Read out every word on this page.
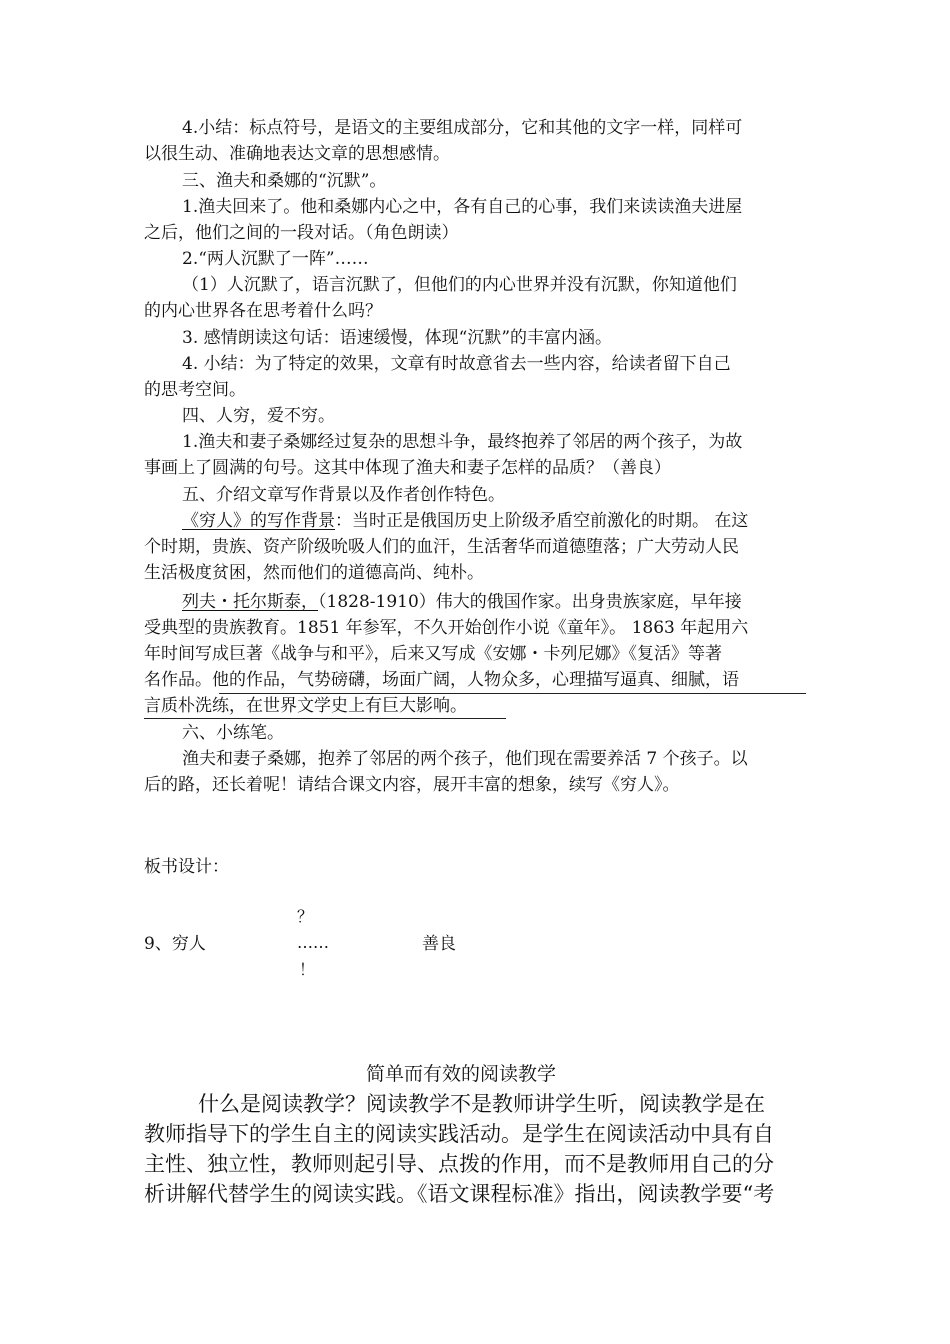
4.小结：标点符号，是语文的主要组成部分，它和其他的文字一样，同样可
以很生动、准确地表达文章的思想感情。
三、渔夫和桑娜的“沉默”。
1.渔夫回来了。他和桑娜内心之中，各有自己的心事，我们来读读渔夫进屋
之后，他们之间的一段对话。（角色朗读）
2.“两人沉默了一阵”……
（1）人沉默了，语言沉默了，但他们的内心世界并没有沉默，你知道他们
的内心世界各在思考着什么吗？
3. 感情朗读这句话：语速缓慢，体现“沉默”的丰富内涵。
4. 小结：为了特定的效果，文章有时故意省去一些内容，给读者留下自己
的思考空间。
四、人穷，爱不穷。
1.渔夫和妻子桑娜经过复杂的思想斗争，最终抱养了邻居的两个孩子，为故
事画上了圆满的句号。这其中体现了渔夫和妻子怎样的品质？（善良）
五、介绍文章写作背景以及作者创作特色。
《穷人》的写作背景：当时正是俄国历史上阶级矛盾空前激化的时期。 在这
个时期，贵族、资产阶级吮吸人们的血汗，生活奢华而道德堕落；广大劳动人民
生活极度贫困，然而他们的道德高尚、纯朴。
列夫・托尔斯泰，（1828-1910）伟大的俄国作家。出身贵族家庭，早年接
受典型的贵族教育。1851 年参军，不久开始创作小说《童年》。 1863 年起用六
年时间写成巨著《战争与和平》，后来又写成《安娜・卡列尼娜》《复活》等著
名作品。他的作品，气势磅礴，场面广阔，人物众多，心理描写逼真、细腻，语
言质朴洗练，在世界文学史上有巨大影响。
六、小练笔。
渔夫和妻子桑娜，抱养了邻居的两个孩子，他们现在需要养活 7 个孩子。以
后的路，还长着呢！请结合课文内容，展开丰富的想象，续写《穷人》。
板书设计：
？
9、穷人	……	善良
！
简单而有效的阅读教学
什么是阅读教学？阅读教学不是教师讲学生听，阅读教学是在
教师指导下的学生自主的阅读实践活动。是学生在阅读活动中具有自
主性、独立性，教师则起引导、点拨的作用，而不是教师用自己的分
析讲解代替学生的阅读实践。《语文课程标准》指出，阅读教学要“考
